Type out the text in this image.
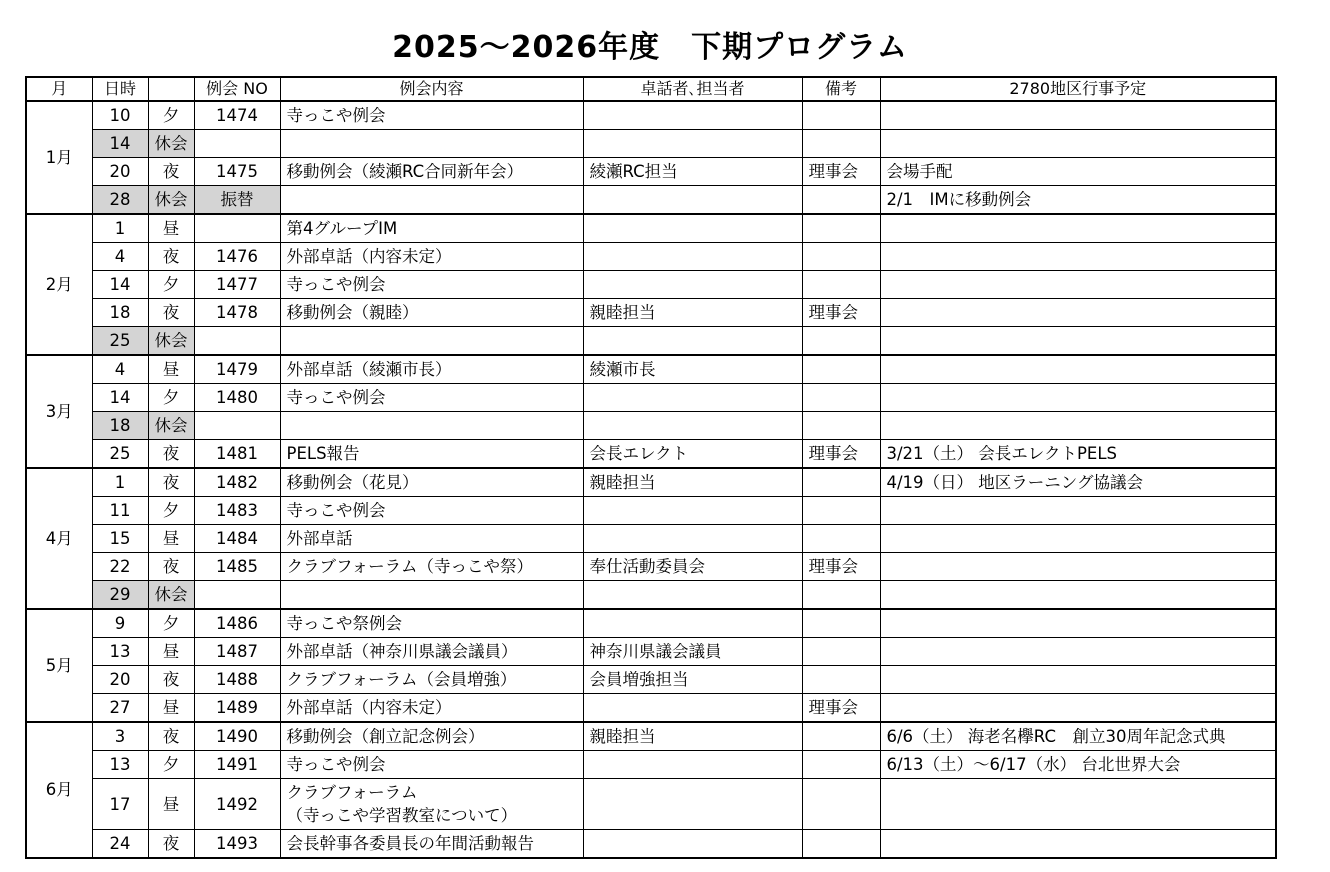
2025～2026年度　下期プログラム
月	日時		例会 NO	例会内容	卓話者､担当者	備考	2780地区行事予定
1月	10	夕	1474	寺っこや例会			
	14	休会					
	20	夜	1475	移動例会（綾瀬RC合同新年会）	綾瀬RC担当	理事会	会場手配
	28	休会	振替				2/1　IMに移動例会
2月	1	昼		第4グループIM			
	4	夜	1476	外部卓話（内容未定）			
	14	夕	1477	寺っこや例会			
	18	夜	1478	移動例会（親睦）	親睦担当	理事会	
	25	休会					
3月	4	昼	1479	外部卓話（綾瀬市長）	綾瀬市長		
	14	夕	1480	寺っこや例会			
	18	休会					
	25	夜	1481	PELS報告	会長エレクト	理事会	3/21（土） 会長エレクトPELS
4月	1	夜	1482	移動例会（花見）	親睦担当		4/19（日） 地区ラーニング協議会
	11	夕	1483	寺っこや例会			
	15	昼	1484	外部卓話			
	22	夜	1485	クラブフォーラム（寺っこや祭）	奉仕活動委員会	理事会	
	29	休会					
5月	9	夕	1486	寺っこや祭例会			
	13	昼	1487	外部卓話（神奈川県議会議員）	神奈川県議会議員		
	20	夜	1488	クラブフォーラム（会員増強）	会員増強担当		
	27	昼	1489	外部卓話（内容未定）		理事会	
6月	3	夜	1490	移動例会（創立記念例会）	親睦担当		6/6（土） 海老名欅RC　創立30周年記念式典
	13	夕	1491	寺っこや例会			6/13（土）～6/17（水） 台北世界大会
	17	昼	1492	クラブフォーラム
（寺っこや学習教室について）			

	24	夜	1493	会長幹事各委員長の年間活動報告			
